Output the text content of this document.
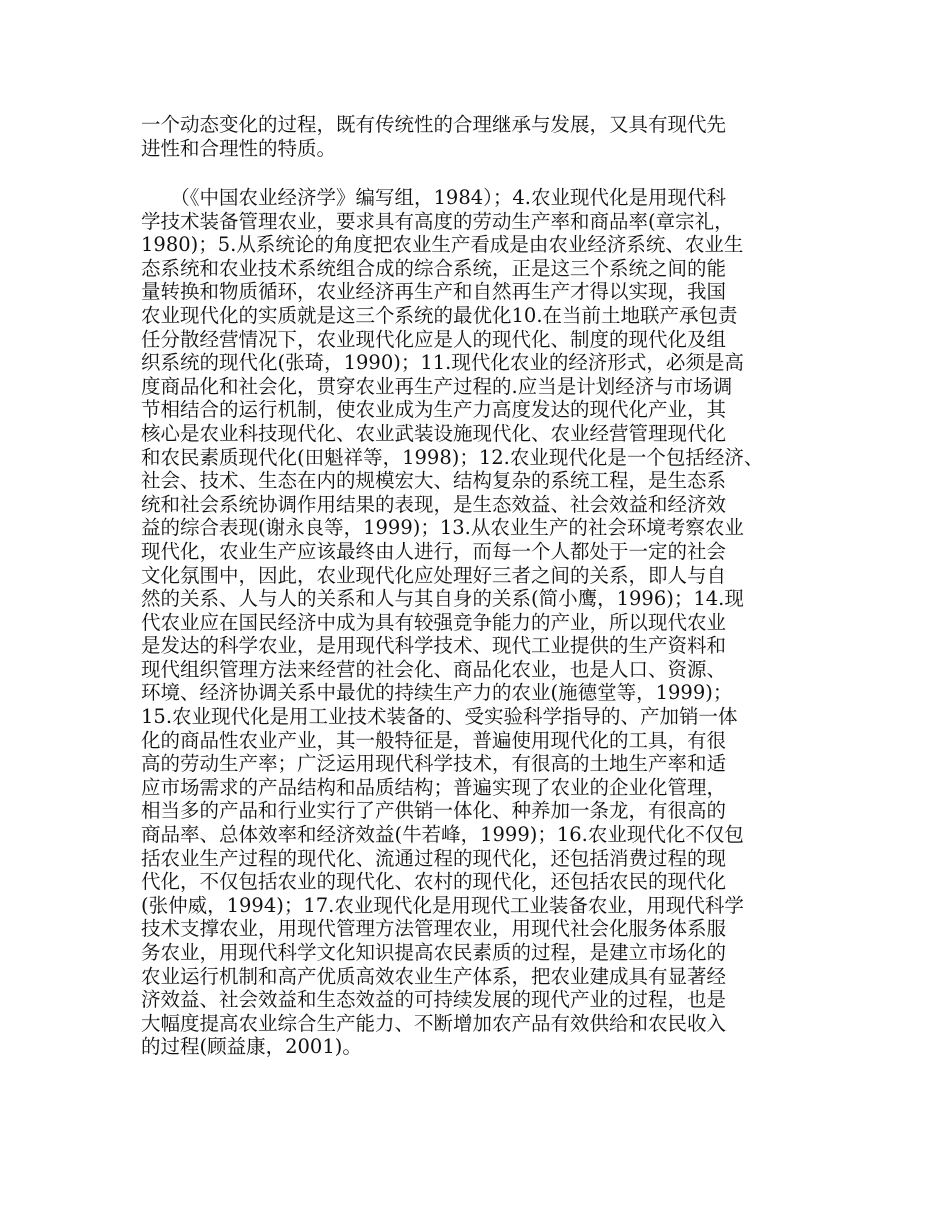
一个动态变化的过程，既有传统性的合理继承与发展，又具有现代先
进性和合理性的特质。
　　（《中国农业经济学》编写组，1984）；4.农业现代化是用现代科
学技术装备管理农业，要求具有高度的劳动生产率和商品率(章宗礼，
1980)；5.从系统论的角度把农业生产看成是由农业经济系统、农业生
态系统和农业技术系统组合成的综合系统，正是这三个系统之间的能
量转换和物质循环，农业经济再生产和自然再生产才得以实现，我国
农业现代化的实质就是这三个系统的最优化10.在当前土地联产承包责
任分散经营情况下，农业现代化应是人的现代化、制度的现代化及组
织系统的现代化(张琦，1990)；11.现代化农业的经济形式，必须是高
度商品化和社会化，贯穿农业再生产过程的.应当是计划经济与市场调
节相结合的运行机制，使农业成为生产力高度发达的现代化产业，其
核心是农业科技现代化、农业武装设施现代化、农业经营管理现代化
和农民素质现代化(田魁祥等，1998)；12.农业现代化是一个包括经济、
社会、技术、生态在内的规模宏大、结构复杂的系统工程，是生态系
统和社会系统协调作用结果的表现，是生态效益、社会效益和经济效
益的综合表现(谢永良等，1999)；13.从农业生产的社会环境考察农业
现代化，农业生产应该最终由人进行，而每一个人都处于一定的社会
文化氛围中，因此，农业现代化应处理好三者之间的关系，即人与自
然的关系、人与人的关系和人与其自身的关系(简小鹰，1996)；14.现
代农业应在国民经济中成为具有较强竞争能力的产业，所以现代农业
是发达的科学农业，是用现代科学技术、现代工业提供的生产资料和
现代组织管理方法来经营的社会化、商品化农业，也是人口、资源、
环境、经济协调关系中最优的持续生产力的农业(施德堂等，1999)；
15.农业现代化是用工业技术装备的、受实验科学指导的、产加销一体
化的商品性农业产业，其一般特征是，普遍使用现代化的工具，有很
高的劳动生产率；广泛运用现代科学技术，有很高的土地生产率和适
应市场需求的产品结构和品质结构；普遍实现了农业的企业化管理，
相当多的产品和行业实行了产供销一体化、种养加一条龙，有很高的
商品率、总体效率和经济效益(牛若峰，1999)；16.农业现代化不仅包
括农业生产过程的现代化、流通过程的现代化，还包括消费过程的现
代化，不仅包括农业的现代化、农村的现代化，还包括农民的现代化
(张仲威，1994)；17.农业现代化是用现代工业装备农业，用现代科学
技术支撑农业，用现代管理方法管理农业，用现代社会化服务体系服
务农业，用现代科学文化知识提高农民素质的过程，是建立市场化的
农业运行机制和高产优质高效农业生产体系，把农业建成具有显著经
济效益、社会效益和生态效益的可持续发展的现代产业的过程，也是
大幅度提高农业综合生产能力、不断增加农产品有效供给和农民收入
的过程(顾益康，2001)。
